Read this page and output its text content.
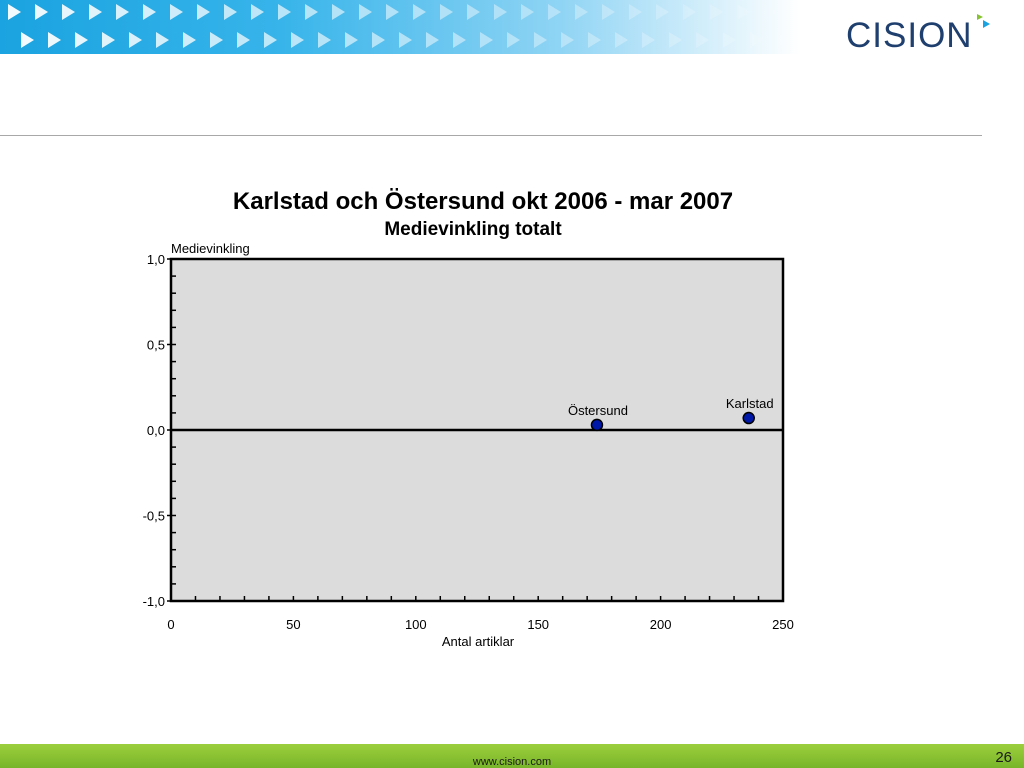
CISION
Karlstad och Östersund okt 2006 - mar 2007
Medievinkling totalt
Medievinkling
Antal artiklar
1,0
0,5
0,0
-0,5
-1,0
0	50	100	150	200	250
Östersund	Karlstad
www.cision.com	26
